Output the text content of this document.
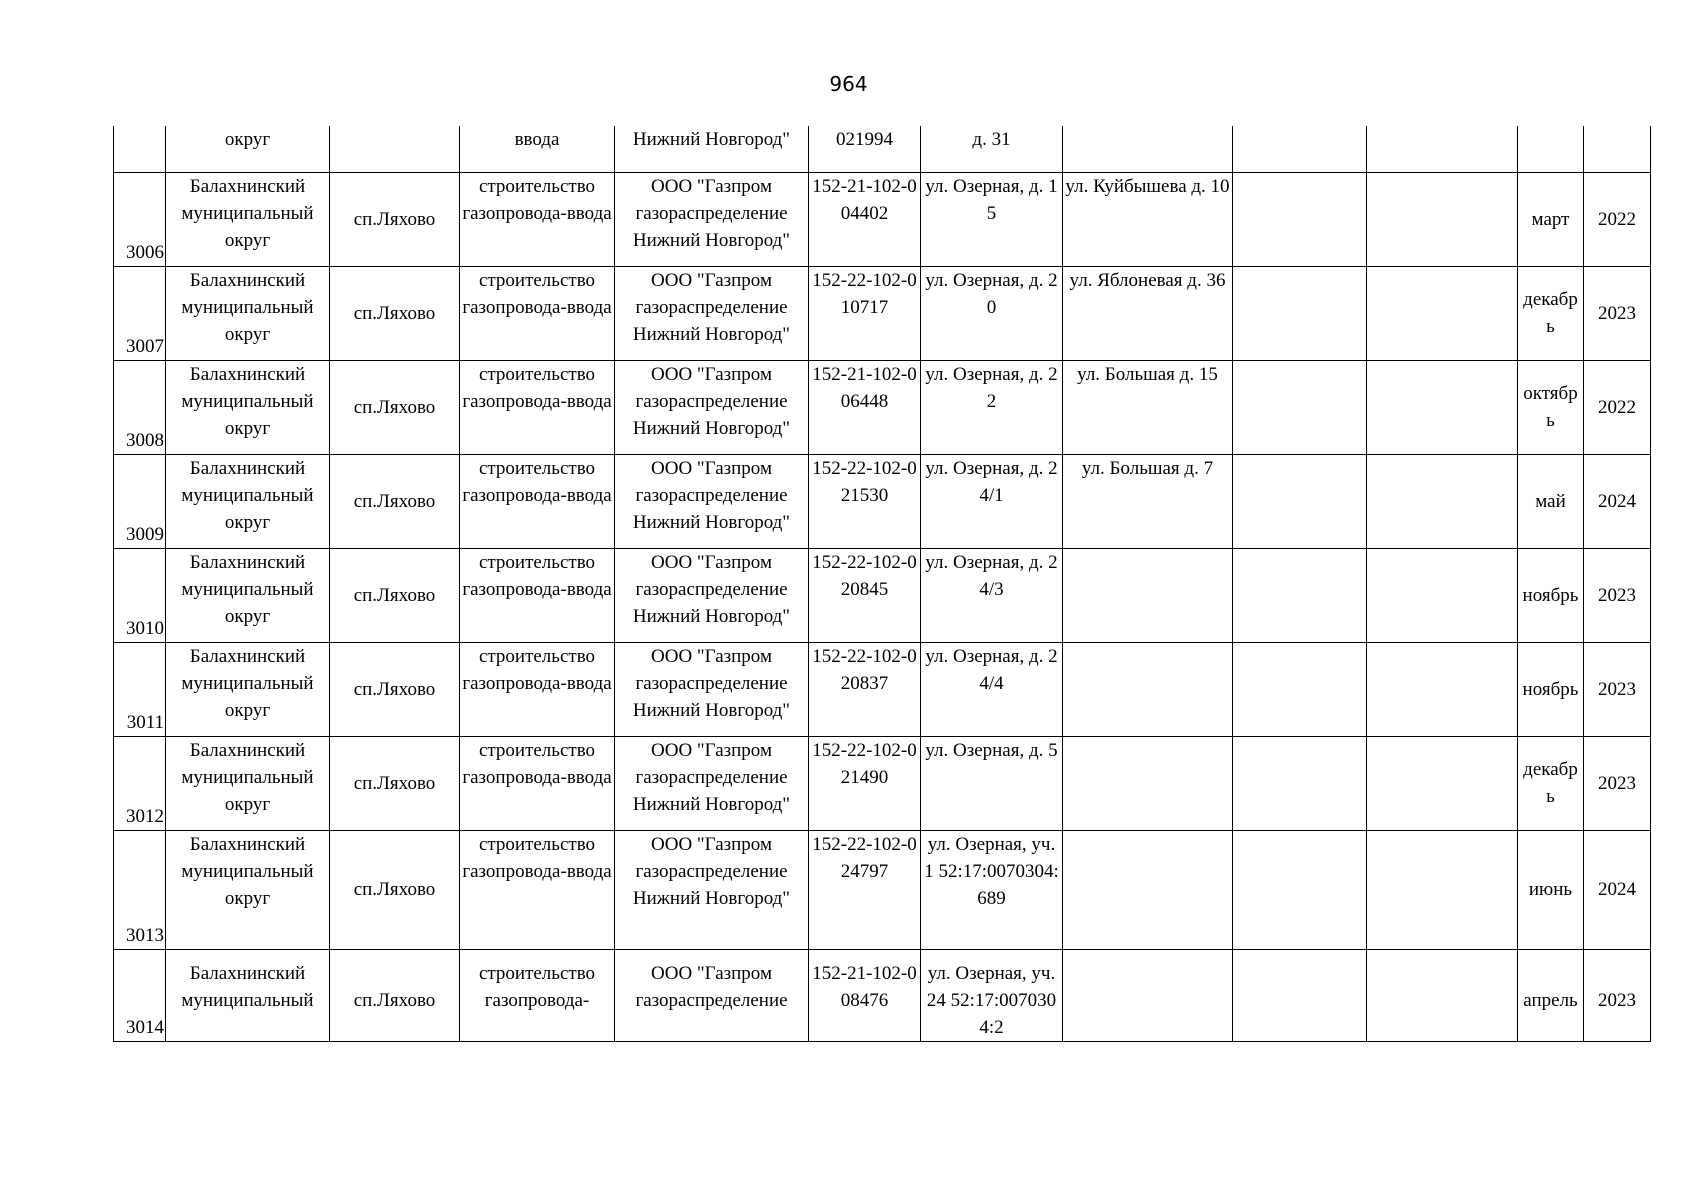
964
	округ		ввода	Нижний Новгород"	021994	д. 31					
3006	Балахнинский муниципальный округ	сп.Ляхово	строительство газопровода-ввода	ООО "Газпром газораспределение Нижний Новгород"	152-21-102-004402	ул. Озерная, д. 15	ул. Куйбышева д. 10			март	2022
3007	Балахнинский муниципальный округ	сп.Ляхово	строительство газопровода-ввода	ООО "Газпром газораспределение Нижний Новгород"	152-22-102-010717	ул. Озерная, д. 20	ул. Яблоневая д. 36			декабрь	2023
3008	Балахнинский муниципальный округ	сп.Ляхово	строительство газопровода-ввода	ООО "Газпром газораспределение Нижний Новгород"	152-21-102-006448	ул. Озерная, д. 22	ул. Большая д. 15			октябрь	2022
3009	Балахнинский муниципальный округ	сп.Ляхово	строительство газопровода-ввода	ООО "Газпром газораспределение Нижний Новгород"	152-22-102-021530	ул. Озерная, д. 24/1	ул. Большая д. 7			май	2024
3010	Балахнинский муниципальный округ	сп.Ляхово	строительство газопровода-ввода	ООО "Газпром газораспределение Нижний Новгород"	152-22-102-020845	ул. Озерная, д. 24/3				ноябрь	2023
3011	Балахнинский муниципальный округ	сп.Ляхово	строительство газопровода-ввода	ООО "Газпром газораспределение Нижний Новгород"	152-22-102-020837	ул. Озерная, д. 24/4				ноябрь	2023
3012	Балахнинский муниципальный округ	сп.Ляхово	строительство газопровода-ввода	ООО "Газпром газораспределение Нижний Новгород"	152-22-102-021490	ул. Озерная, д. 5				декабрь	2023
3013	Балахнинский муниципальный округ	сп.Ляхово	строительство газопровода-ввода	ООО "Газпром газораспределение Нижний Новгород"	152-22-102-024797	ул. Озерная, уч. 1 52:17:0070304:689				июнь	2024
3014	Балахнинский муниципальный	сп.Ляхово	строительство газопровода-	ООО "Газпром газораспределение	152-21-102-008476	ул. Озерная, уч. 24 52:17:0070304:2				апрель	2023
